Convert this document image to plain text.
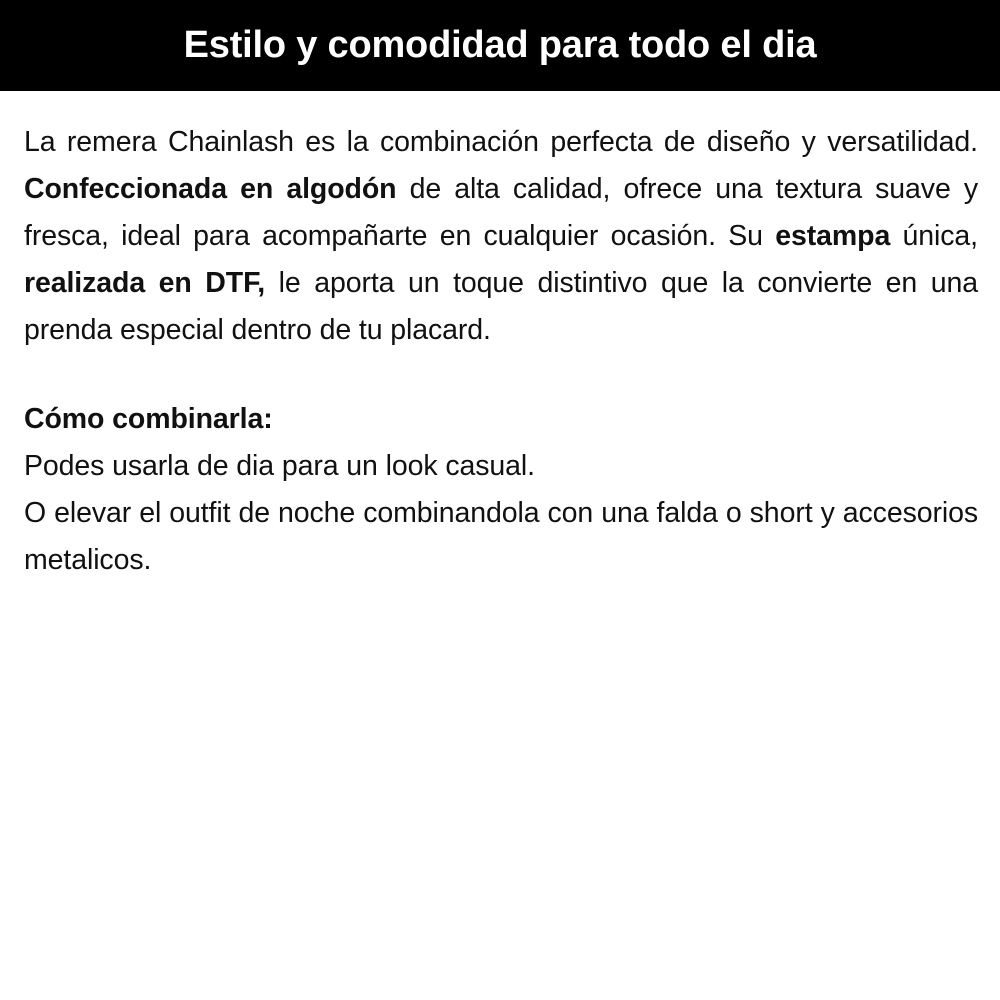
Estilo y comodidad para todo el dia

La remera Chainlash es la combinación perfecta de diseño y versatilidad. Confeccionada en algodón de alta calidad, ofrece una textura suave y fresca, ideal para acompañarte en cualquier ocasión. Su estampa única, realizada en DTF, le aporta un toque distintivo que la convierte en una prenda especial dentro de tu placard.

Cómo combinarla:

Podes usarla de dia para un look casual.

O elevar el outfit de noche combinandola con una falda o short y accesorios metalicos.
